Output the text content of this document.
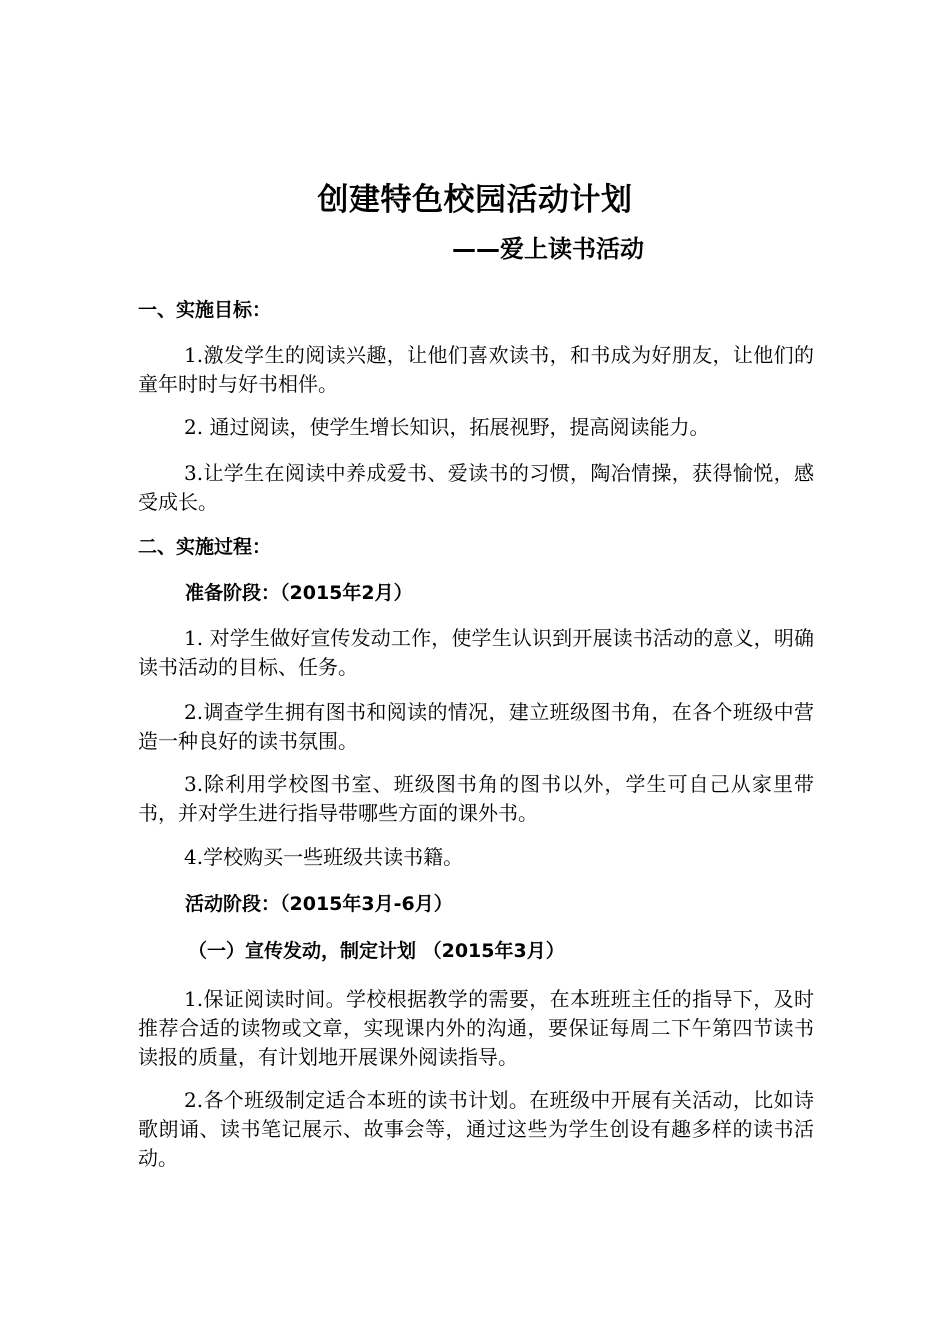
创建特色校园活动计划
——爱上读书活动
一、实施目标：

1.激发学生的阅读兴趣，让他们喜欢读书，和书成为好朋友，让他们的童年时时与好书相伴。

2. 通过阅读，使学生增长知识，拓展视野，提高阅读能力。

3.让学生在阅读中养成爱书、爱读书的习惯，陶冶情操，获得愉悦，感受成长。

二、实施过程：
准备阶段：（2015年2月）

1. 对学生做好宣传发动工作，使学生认识到开展读书活动的意义，明确读书活动的目标、任务。

2.调查学生拥有图书和阅读的情况，建立班级图书角，在各个班级中营造一种良好的读书氛围。

3.除利用学校图书室、班级图书角的图书以外，学生可自己从家里带书，并对学生进行指导带哪些方面的课外书。

4.学校购买一些班级共读书籍。

活动阶段：（2015年3月-6月）
（一）宣传发动，制定计划 （2015年3月）

1.保证阅读时间。学校根据教学的需要，在本班班主任的指导下，及时推荐合适的读物或文章，实现课内外的沟通，要保证每周二下午第四节读书读报的质量，有计划地开展课外阅读指导。

2.各个班级制定适合本班的读书计划。在班级中开展有关活动，比如诗歌朗诵、读书笔记展示、故事会等，通过这些为学生创设有趣多样的读书活动。
